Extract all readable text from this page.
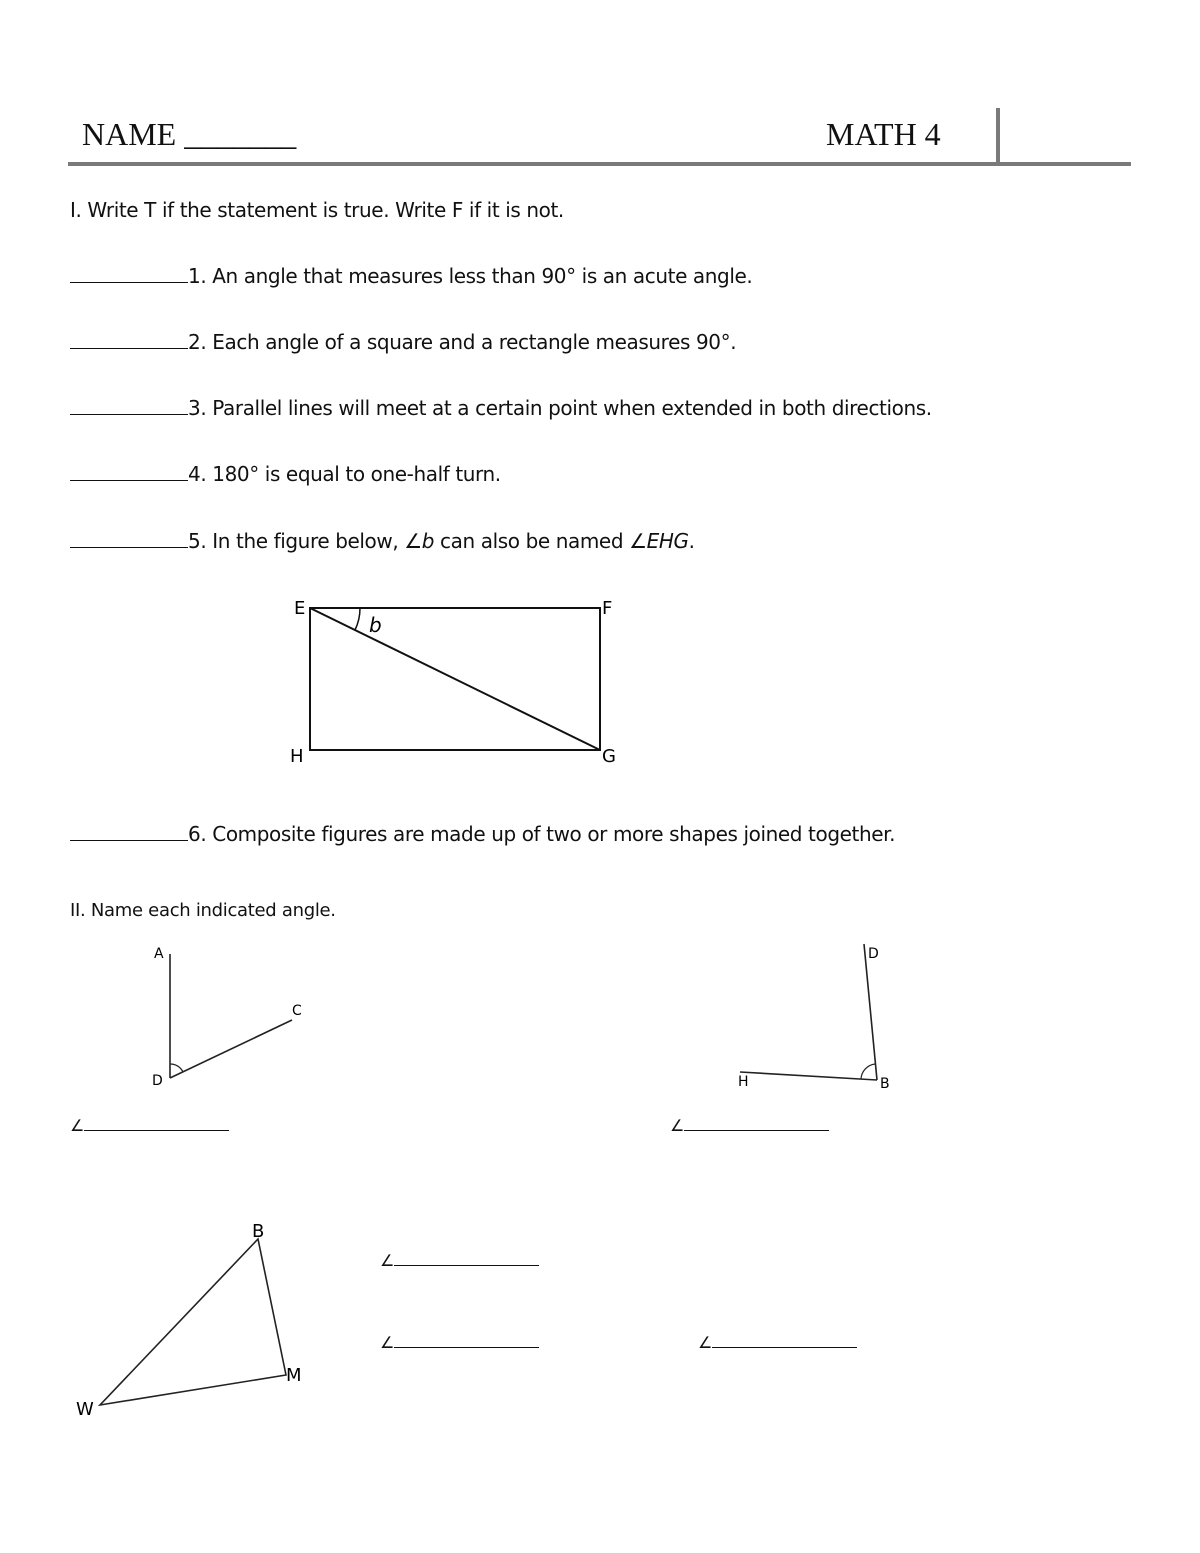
NAME _______	MATH 4
I. Write T if the statement is true. Write F if it is not.
1. An angle that measures less than 90° is an acute angle.
2. Each angle of a square and a rectangle measures 90°.
3. Parallel lines will meet at a certain point when extended in both directions.
4. 180° is equal to one-half turn.
5. In the figure below, ∠b can also be named ∠EHG.
E	F
G
H
b
6. Composite figures are made up of two or more shapes joined together.
II. Name each indicated angle.
A
C
D
∠
D
H	B
∠
B
W
M
∠
∠	∠
